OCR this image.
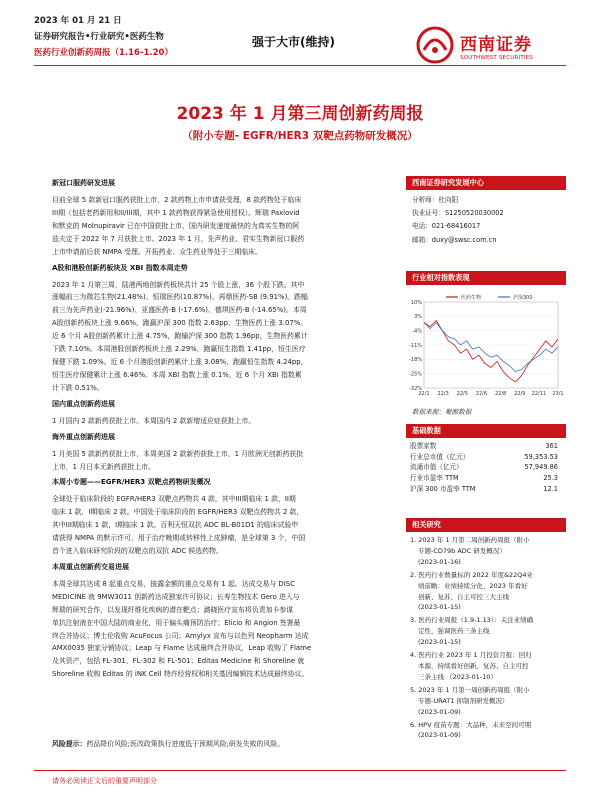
2023 年 01 月 21 日
证券研究报告•行业研究•医药生物
医药行业创新药周报（1.16-1.20）
强于大市(维持)	西南证券
SOUTHWEST SECURITIES
2023 年 1 月第三周创新药周报
（附小专题- EGFR/HER3 双靶点药物研发概况）
新冠口服药研发进展
目前全球 5 款新冠口服药获批上市，2 款药物上市申请获受理，8 款药物处于临床
III期（包括老药新用和II/III期，其中 1 款药物获得紧急使用授权）。辉瑞 Paxlovid
和默克的 Molnupiravir 已在中国获批上市，国内研发速度最快的为真实生物的阿
兹夫定于 2022 年 7 月获批上市。2023 年 1 月，先声药业、君实生物新冠口服药
上市申请前后获 NMPA 受理。开拓药业、众生药业等处于三期临床。
A股和港股创新药板块及 XBI 指数本周走势
2023 年 1 月第三周，陆港两地创新药板块共计 25 个股上涨，36 个股下跌。其中
涨幅前三为微芯生物(21.48%)、恒瑞医药(10.87%)、再鼎医药-SB (9.91%)。跌幅
前三为先声药业(-21.96%)、亚盛医药-B (-17.6%)、德琪医药-B (-14.65%)。本周
A股创新药板块上涨 9.66%，跑赢沪深 300 指数 2.63pp，生物医药上涨 3.07%。
近 6 个月 A股创新药累计上涨 4.75%，跑输沪深 300 指数 1.96pp，生物医药累计
下跌 7.10%。本周港股创新药板块上涨 2.29%，跑赢恒生指数 1.41pp，恒生医疗
保健下跌 1.09%。近 6 个月港股创新药累计上涨 3.08%，跑赢恒生指数 4.24pp，
恒生医疗保健累计上涨 6.46%。本周 XBI 指数上涨 0.1%，近 6 个月 XBI 指数累
计下跌 0.51%。
国内重点创新药进展
1 月国内 2 款新药获批上市。本周国内 2 款新增适应症获批上市。
海外重点创新药进展
1 月美国 5 款新药获批上市，本周美国 2 款新药获批上市，1 月欧洲无创新药获批
上市，1 月日本无新药获批上市。
本周小专题——EGFR/HER3 双靶点药物研发概况
全球处于临床阶段的 EGFR/HER3 双靶点药物共 4 款，其中III期临床 1 款，II期
临床 1 款，I期临床 2 款。中国处于临床阶段的 EGFR/HER3 双靶点药物共 2 款，
其中III期临床 1 款，I期临床 1 款。百利天恒双抗 ADC BL-B01D1 的临床试验申
请获得 NMPA 的默示许可，用于治疗晚期或转移性上皮肿瘤，是全球第 3 个，中国
首个进入临床研究阶段的双靶点的双抗 ADC 候选药物。
本周重点创新药交易进展
本周全球共达成 8 起重点交易，披露金额的重点交易有 1 起。达成交易与 DISC
MEDICINE 就 9MW3011 创新药达成独家许可协议；长寿生物技术 Gero 进入与
辉瑞的研究合作，以发现纤维化疾病的潜在靶点；潞晓医疗宣布将负责加卡参谋
单抗注射液在中国大陆的商业化，用于偏头痛预防治疗；Elicio 和 Angion 签署最
终合并协议；博士伦收购 AcuFocus 公司；Amylyx 宣布与以色列 Neopharm 达成
AMX0035 独家分销协议；Leap 与 Flame 达成最终合并协议，Leap 收购了 Flame
及其资产，包括 FL-301、FL-302 和 FL-501；Editas Medicine 和 Shoreline 就
Shoreline 收购 Editas 的 iNK Cell 特许经营权和相关基因编辑技术达成最终协议。
风险提示：药品降价风险;医改政策执行进度低于预期风险;研发失败的风险。
西南证券研究发展中心
分析师：杜向阳
执业证号：S1250520030002
电话：021-68416017
邮箱：duxy@swsc.com.cn
行业相对指数表现
10%
3%
-4%
-11%
-18%
-25%
-32%
22/1 22/3 22/5 22/6 22/8 22/9 22/11 23/1
医药生物	沪深300
数据来源：聚源数据
基础数据
股票家数	361
行业总市值（亿元）	59,353.53
流通市值（亿元）	57,949.86
行业市盈率 TTM	25.3
沪深 300 市盈率 TTM	12.1
相关研究
1. 2023 年 1 月第二周创新药周报（附小
专题-CD79b ADC 研发概况）
(2023-01-16)
2. 医药行业数量标的 2022 年度&22Q4业
绩前瞻：业绩持续分化，2023 年看好
创新、复苏、自主可控三大主线
(2023-01-15)
3. 医药行业周报（1.9-1.13）：关注业绩确
定性，强调医药三条主线
(2023-01-15)
4. 医药行业 2023 年 1 月投资月报：回归
本源，持续看好创新、复苏、自主可控
三条主线 （2023-01-10）
5. 2023 年 1 月第一周创新药周报（附小
专题-URAT1 抑制剂研发概况）
(2023-01-09)
6. HPV 疫苗专题：大品种，未来空间可期
(2023-01-09)
请务必阅读正文后的重要声明部分
